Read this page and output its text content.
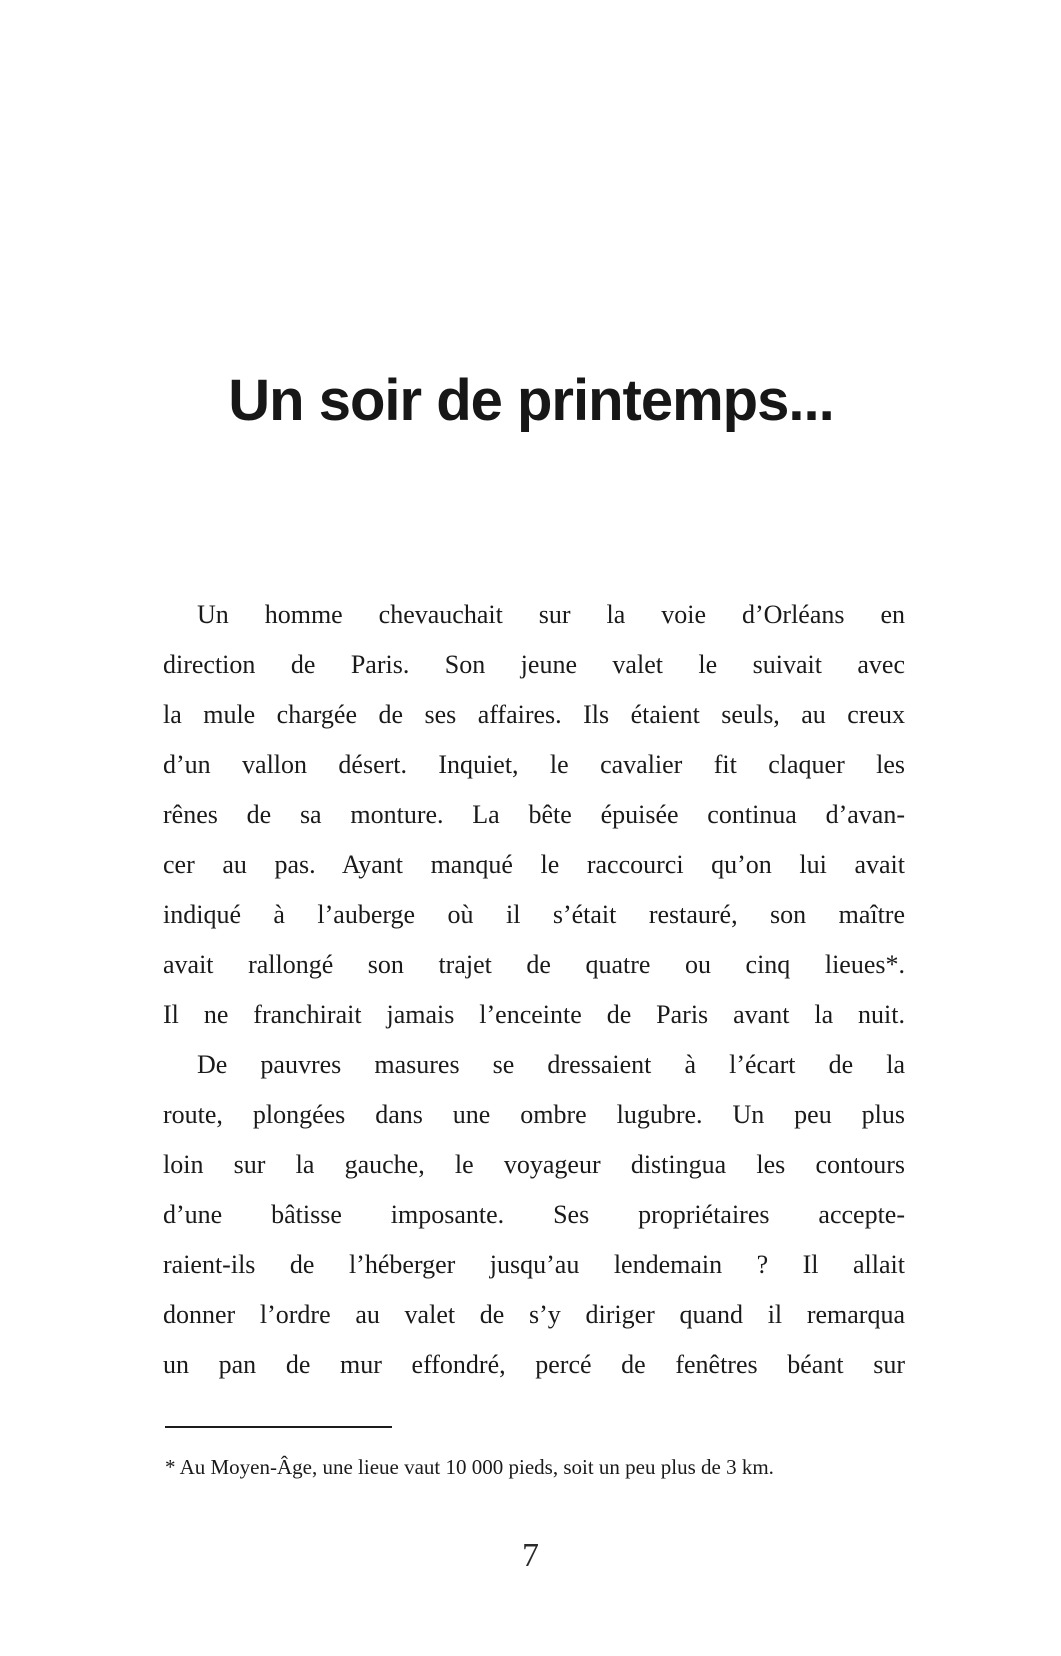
Un soir de printemps...
Un homme chevauchait sur la voie d’Orléans en
direction de Paris. Son jeune valet le suivait avec
la mule chargée de ses affaires. Ils étaient seuls, au creux
d’un vallon désert. Inquiet, le cavalier fit claquer les
rênes de sa monture. La bête épuisée continua d’avan-
cer au pas. Ayant manqué le raccourci qu’on lui avait
indiqué à l’auberge où il s’était restauré, son maître
avait rallongé son trajet de quatre ou cinq lieues*.
Il ne franchirait jamais l’enceinte de Paris avant la nuit.
De pauvres masures se dressaient à l’écart de la
route, plongées dans une ombre lugubre. Un peu plus
loin sur la gauche, le voyageur distingua les contours
d’une bâtisse imposante. Ses propriétaires accepte-
raient-ils de l’héberger jusqu’au lendemain ? Il allait
donner l’ordre au valet de s’y diriger quand il remarqua
un pan de mur effondré, percé de fenêtres béant sur
* Au Moyen-Âge, une lieue vaut 10 000 pieds, soit un peu plus de 3 km.
7
